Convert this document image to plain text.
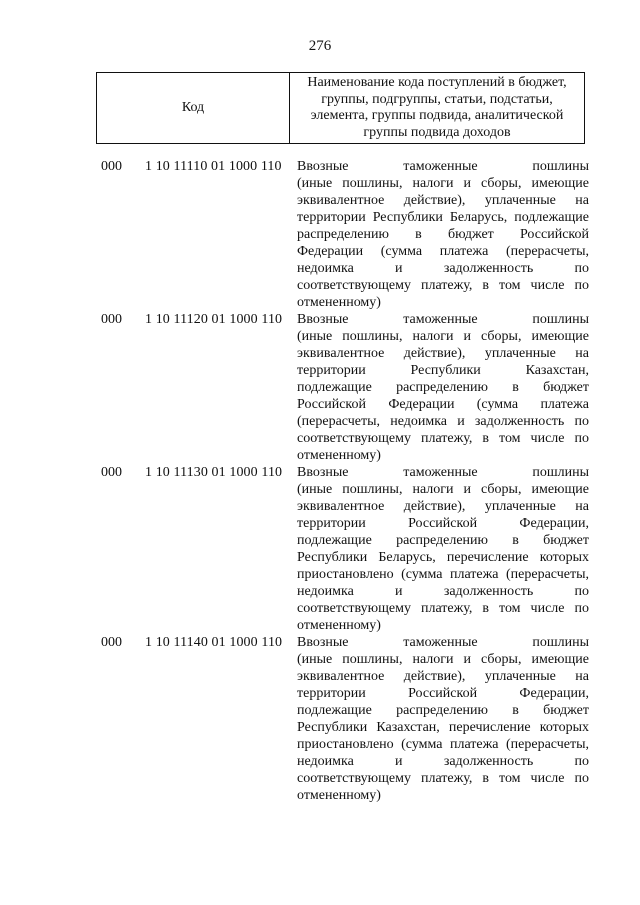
276
Код
Наименование кода поступлений в бюджет, группы, подгруппы, статьи, подстатьи, элемента, группы подвида, аналитической группы подвида доходов
000	1 10 11110 01 1000 110	Ввозные таможенные пошлины
(иные пошлины, налоги и сборы, имеющие
эквивалентное действие), уплаченные на
территории Республики Беларусь, подлежащие
распределению в бюджет Российской
Федерации (сумма платежа (перерасчеты,
недоимка и задолженность по
соответствующему платежу, в том числе по
отмененному)
000	1 10 11120 01 1000 110	Ввозные таможенные пошлины
(иные пошлины, налоги и сборы, имеющие
эквивалентное действие), уплаченные на
территории Республики Казахстан,
подлежащие распределению в бюджет
Российской Федерации (сумма платежа
(перерасчеты, недоимка и задолженность по
соответствующему платежу, в том числе по
отмененному)
000	1 10 11130 01 1000 110	Ввозные таможенные пошлины
(иные пошлины, налоги и сборы, имеющие
эквивалентное действие), уплаченные на
территории Российской Федерации,
подлежащие распределению в бюджет
Республики Беларусь, перечисление которых
приостановлено (сумма платежа (перерасчеты,
недоимка и задолженность по
соответствующему платежу, в том числе по
отмененному)
000	1 10 11140 01 1000 110	Ввозные таможенные пошлины
(иные пошлины, налоги и сборы, имеющие
эквивалентное действие), уплаченные на
территории Российской Федерации,
подлежащие распределению в бюджет
Республики Казахстан, перечисление которых
приостановлено (сумма платежа (перерасчеты,
недоимка и задолженность по
соответствующему платежу, в том числе по
отмененному)
